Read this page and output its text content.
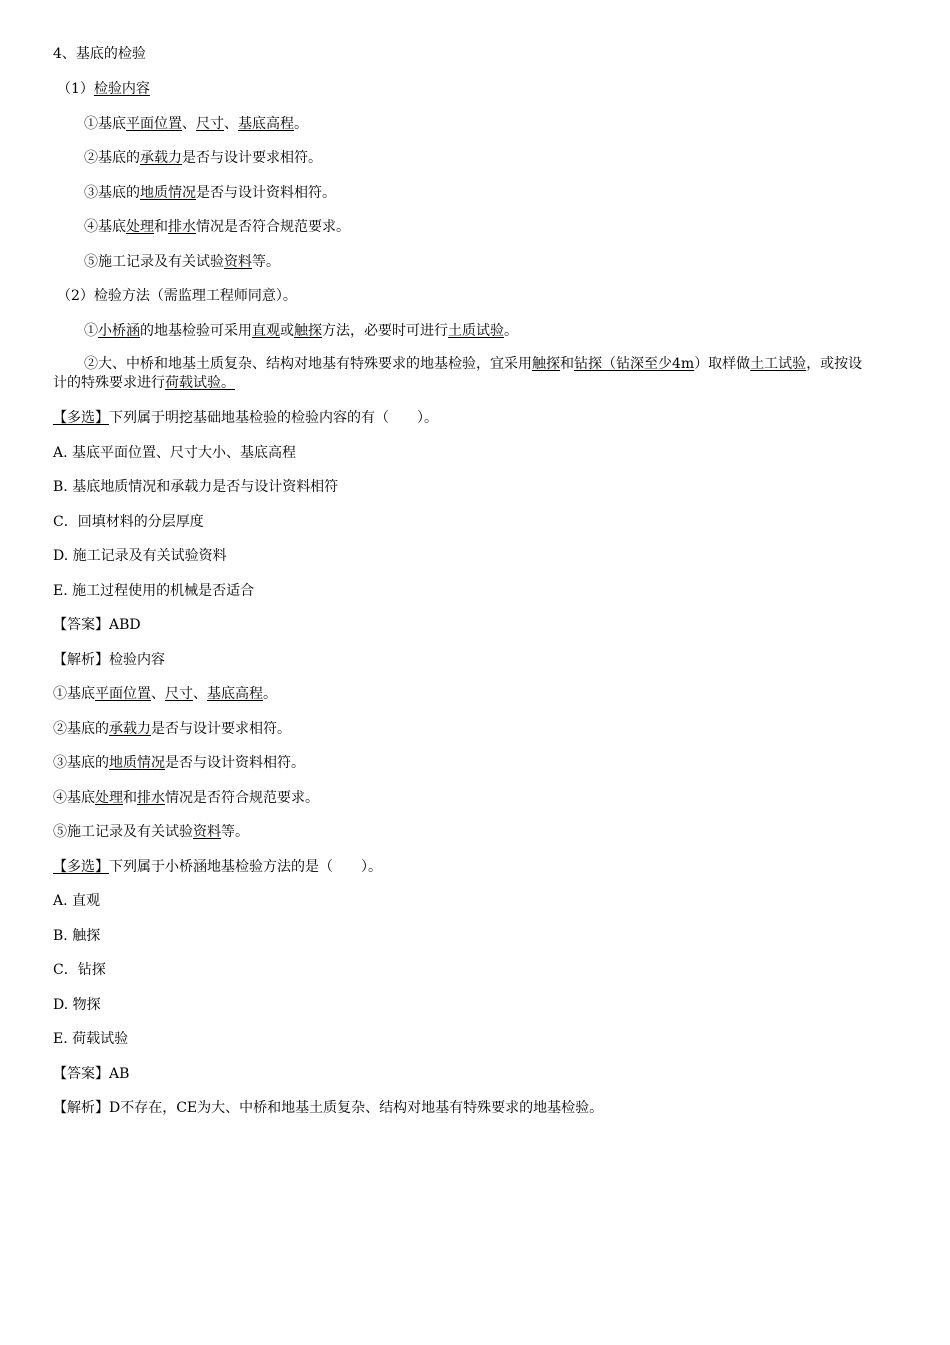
4、基底的检验
（1）检验内容
①基底平面位置、尺寸、基底高程。
②基底的承载力是否与设计要求相符。
③基底的地质情况是否与设计资料相符。
④基底处理和排水情况是否符合规范要求。
⑤施工记录及有关试验资料等。
（2）检验方法（需监理工程师同意）。
①小桥涵的地基检验可采用直观或触探方法，必要时可进行土质试验。
②大、中桥和地基土质复杂、结构对地基有特殊要求的地基检验，宜采用触探和钻探（钻深至少4m）取样做土工试验，或按设计的特殊要求进行荷载试验。
【多选】下列属于明挖基础地基检验的检验内容的有（　　）。
A. 基底平面位置、尺寸大小、基底高程
B. 基底地质情况和承载力是否与设计资料相符
C．回填材料的分层厚度
D. 施工记录及有关试验资料
E. 施工过程使用的机械是否适合
【答案】ABD
【解析】检验内容
①基底平面位置、尺寸、基底高程。
②基底的承载力是否与设计要求相符。
③基底的地质情况是否与设计资料相符。
④基底处理和排水情况是否符合规范要求。
⑤施工记录及有关试验资料等。
【多选】下列属于小桥涵地基检验方法的是（　　）。
A. 直观
B. 触探
C．钻探
D. 物探
E. 荷载试验
【答案】AB
【解析】D不存在，CE为大、中桥和地基土质复杂、结构对地基有特殊要求的地基检验。
